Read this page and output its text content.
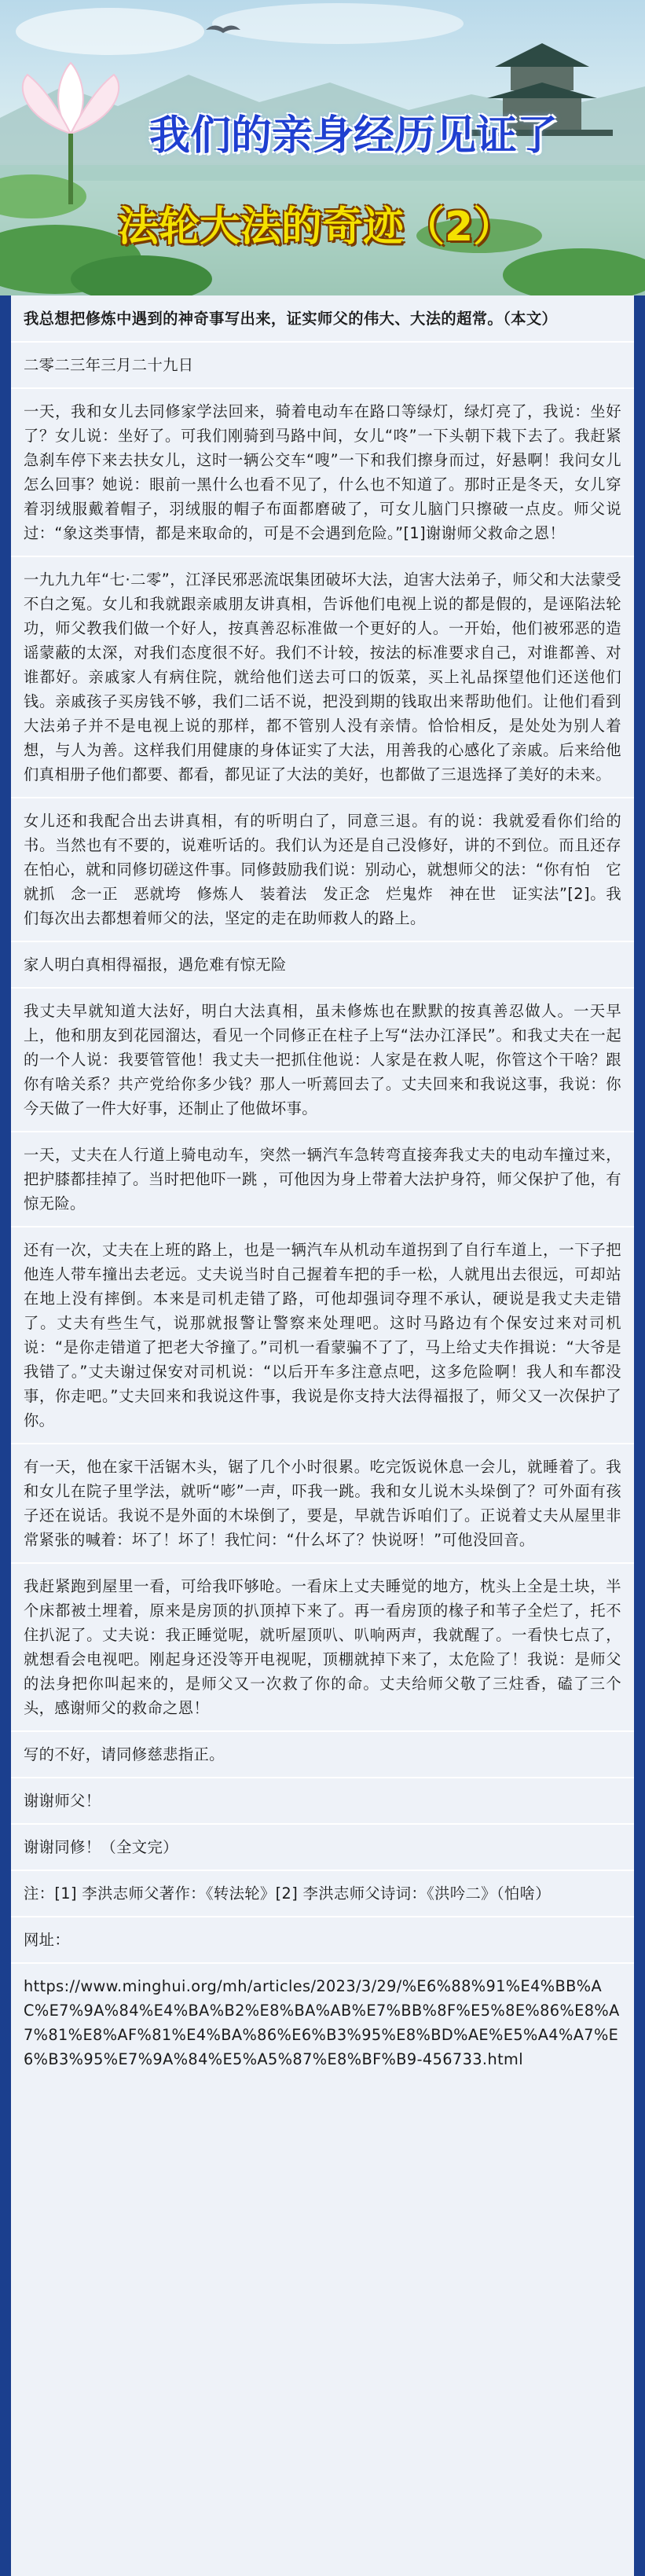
我们的亲身经历见证了
法轮大法的奇迹（2）

我总想把修炼中遇到的神奇事写出来，证实师父的伟大、大法的超常。（本文）

二零二三年三月二十九日

一天，我和女儿去同修家学法回来，骑着电动车在路口等绿灯，绿灯亮了，我说：坐好了？女儿说：坐好了。可我们刚骑到马路中间，女儿“咚”一下头朝下栽下去了。我赶紧急刹车停下来去扶女儿，这时一辆公交车“嗖”一下和我们擦身而过，好悬啊！我问女儿怎么回事？她说：眼前一黑什么也看不见了，什么也不知道了。那时正是冬天，女儿穿着羽绒服戴着帽子，羽绒服的帽子布面都磨破了，可女儿脑门只擦破一点皮。师父说过：“象这类事情，都是来取命的，可是不会遇到危险。”[1]谢谢师父救命之恩！

一九九九年“七·二零”，江泽民邪恶流氓集团破坏大法，迫害大法弟子，师父和大法蒙受不白之冤。女儿和我就跟亲戚朋友讲真相，告诉他们电视上说的都是假的，是诬陷法轮功，师父教我们做一个好人，按真善忍标准做一个更好的人。一开始，他们被邪恶的造谣蒙蔽的太深，对我们态度很不好。我们不计较，按法的标准要求自己，对谁都善、对谁都好。亲戚家人有病住院，就给他们送去可口的饭菜，买上礼品探望他们还送他们钱。亲戚孩子买房钱不够，我们二话不说，把没到期的钱取出来帮助他们。让他们看到大法弟子并不是电视上说的那样，都不管别人没有亲情。恰恰相反，是处处为别人着想，与人为善。这样我们用健康的身体证实了大法，用善我的心感化了亲戚。后来给他们真相册子他们都要、都看，都见证了大法的美好，也都做了三退选择了美好的未来。

女儿还和我配合出去讲真相，有的听明白了，同意三退。有的说：我就爱看你们给的书。当然也有不要的，说难听话的。我们认为还是自己没修好，讲的不到位。而且还存在怕心，就和同修切磋这件事。同修鼓励我们说：别动心，就想师父的法：“你有怕　它就抓　念一正　恶就垮　修炼人　装着法　发正念　烂鬼炸　神在世　证实法”[2]。我们每次出去都想着师父的法，坚定的走在助师救人的路上。

家人明白真相得福报，遇危难有惊无险

我丈夫早就知道大法好，明白大法真相，虽未修炼也在默默的按真善忍做人。一天早上，他和朋友到花园溜达，看见一个同修正在柱子上写“法办江泽民”。和我丈夫在一起的一个人说：我要管管他！我丈夫一把抓住他说：人家是在救人呢，你管这个干啥？跟你有啥关系？共产党给你多少钱？那人一听蔫回去了。丈夫回来和我说这事，我说：你今天做了一件大好事，还制止了他做坏事。

一天，丈夫在人行道上骑电动车，突然一辆汽车急转弯直接奔我丈夫的电动车撞过来，把护膝都挂掉了。当时把他吓一跳 ，可他因为身上带着大法护身符，师父保护了他，有惊无险。

还有一次，丈夫在上班的路上，也是一辆汽车从机动车道拐到了自行车道上，一下子把他连人带车撞出去老远。丈夫说当时自己握着车把的手一松，人就甩出去很远，可却站在地上没有摔倒。本来是司机走错了路，可他却强词夺理不承认，硬说是我丈夫走错了。丈夫有些生气，说那就报警让警察来处理吧。这时马路边有个保安过来对司机说：“是你走错道了把老大爷撞了。”司机一看蒙骗不了了，马上给丈夫作揖说：“大爷是我错了。”丈夫谢过保安对司机说：“以后开车多注意点吧，这多危险啊！我人和车都没事，你走吧。”丈夫回来和我说这件事，我说是你支持大法得福报了，师父又一次保护了你。

有一天，他在家干活锯木头，锯了几个小时很累。吃完饭说休息一会儿，就睡着了。我和女儿在院子里学法，就听“嘭”一声，吓我一跳。我和女儿说木头垛倒了？可外面有孩子还在说话。我说不是外面的木垛倒了，要是，早就告诉咱们了。正说着丈夫从屋里非常紧张的喊着：坏了！坏了！我忙问：“什么坏了？快说呀！”可他没回音。

我赶紧跑到屋里一看，可给我吓够呛。一看床上丈夫睡觉的地方，枕头上全是土块，半个床都被土埋着，原来是房顶的扒顶掉下来了。再一看房顶的椽子和苇子全烂了，托不住扒泥了。丈夫说：我正睡觉呢，就听屋顶叭、叭响两声，我就醒了。一看快七点了，就想看会电视吧。刚起身还没等开电视呢，顶棚就掉下来了，太危险了！我说：是师父的法身把你叫起来的，是师父又一次救了你的命。丈夫给师父敬了三炷香，磕了三个头，感谢师父的救命之恩！

写的不好，请同修慈悲指正。

谢谢师父！

谢谢同修！（全文完）

注：[1] 李洪志师父著作：《转法轮》[2] 李洪志师父诗词：《洪吟二》（怕啥）

网址：

https://www.minghui.org/mh/articles/2023/3/29/%E6%88%91%E4%BB%AC%E7%9A%84%E4%BA%B2%E8%BA%AB%E7%BB%8F%E5%8E%86%E8%A7%81%E8%AF%81%E4%BA%86%E6%B3%95%E8%BD%AE%E5%A4%A7%E6%B3%95%E7%9A%84%E5%A5%87%E8%BF%B9-456733.html
